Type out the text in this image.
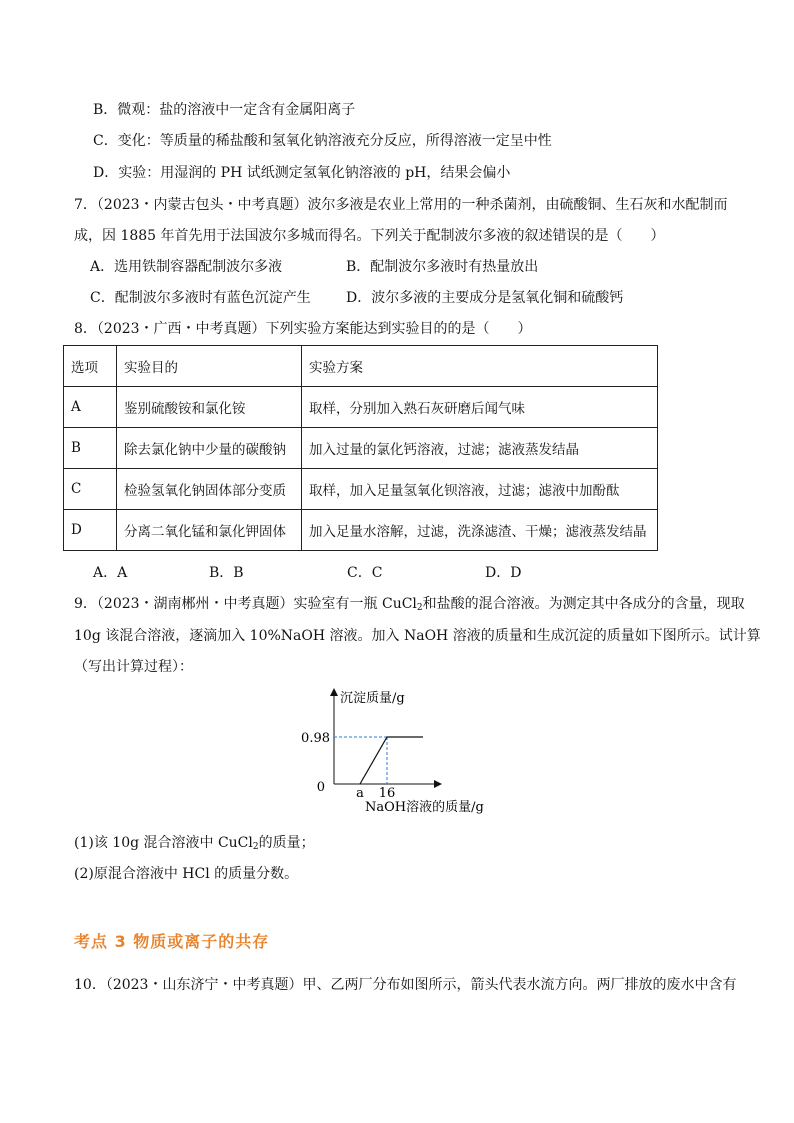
B．微观：盐的溶液中一定含有金属阳离子
C．变化：等质量的稀盐酸和氢氧化钠溶液充分反应，所得溶液一定呈中性
D．实验：用湿润的 PH 试纸测定氢氧化钠溶液的 pH，结果会偏小
7．（2023・内蒙古包头・中考真题）波尔多液是农业上常用的一种杀菌剂，由硫酸铜、生石灰和水配制而
成，因 1885 年首先用于法国波尔多城而得名。下列关于配制波尔多液的叙述错误的是（　　）
A．选用铁制容器配制波尔多液	B．配制波尔多液时有热量放出
C．配制波尔多液时有蓝色沉淀产生	D．波尔多液的主要成分是氢氧化铜和硫酸钙
8．（2023・广西・中考真题）下列实验方案能达到实验目的的是（　　）
选项	实验目的	实验方案
A	鉴别硫酸铵和氯化铵	取样，分别加入熟石灰研磨后闻气味
B	除去氯化钠中少量的碳酸钠	加入过量的氯化钙溶液，过滤；滤液蒸发结晶
C	检验氢氧化钠固体部分变质	取样，加入足量氢氧化钡溶液，过滤；滤液中加酚酞
D	分离二氧化锰和氯化钾固体	加入足量水溶解，过滤，洗涤滤渣、干燥；滤液蒸发结晶
A．A	B．B	C．C	D．D
9．（2023・湖南郴州・中考真题）实验室有一瓶 CuCl$_2$和盐酸的混合溶液。为测定其中各成分的含量，现取
10g 该混合溶液，逐滴加入 10%NaOH 溶液。加入 NaOH 溶液的质量和生成沉淀的质量如下图所示。试计算
（写出计算过程）：
沉淀质量/g
NaOH溶液的质量/g
0
0.98
a 16
(1)该 10g 混合溶液中 CuCl$_2$的质量；
(2)原混合溶液中 HCl 的质量分数。
考点 3 物质或离子的共存
10．（2023・山东济宁・中考真题）甲、乙两厂分布如图所示，箭头代表水流方向。两厂排放的废水中含有
